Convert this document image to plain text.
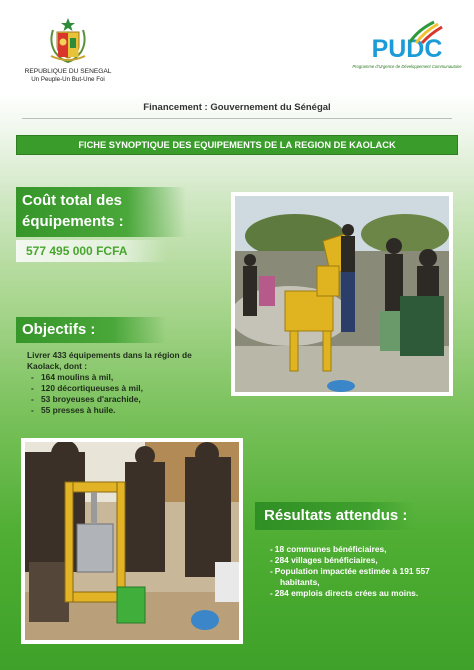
REPUBLIQUE DU SENEGAL
Un Peuple-Un But-Une Foi
PUDC
Programme d'Urgence de Développement Communautaire
Financement : Gouvernement du Sénégal
FICHE SYNOPTIQUE DES EQUIPEMENTS DE LA REGION DE KAOLACK
Coût total des
équipements :
577 495 000 FCFA
Objectifs :
Livrer 433 équipements dans la région de Kaolack, dont :
- 164 moulins à mil,
- 120 décortiqueuses à mil,
- 53 broyeuses d'arachide,
- 55 presses à huile.
Résultats attendus :
- 18 communes bénéficiaires,
- 284 villages bénéficiaires,
- Population impactée estimée à 191 557
habitants,
- 284 emplois directs crées au moins.
